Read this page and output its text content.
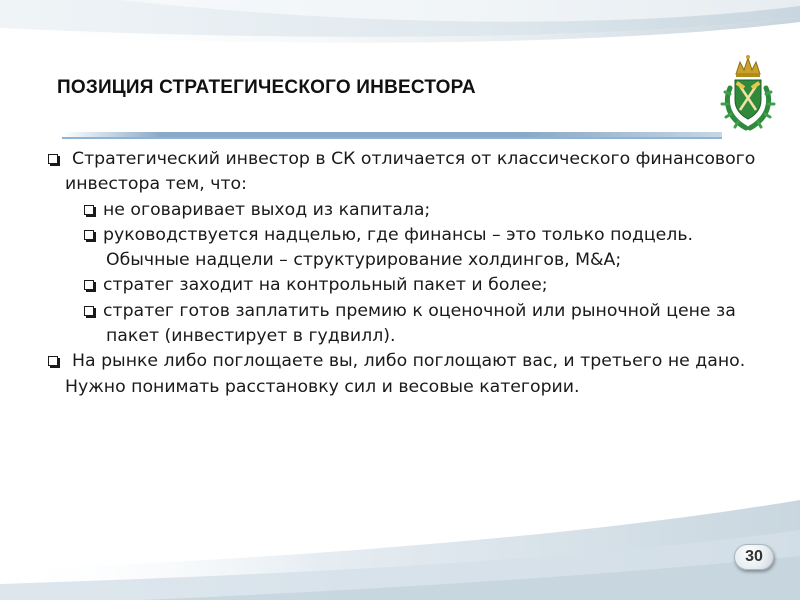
ПОЗИЦИЯ СТРАТЕГИЧЕСКОГО ИНВЕСТОРА
Стратегический инвестор в СК отличается от классического финансового инвестора тем, что:
не оговаривает выход из капитала;
руководствуется надцелью, где финансы – это только подцель. Обычные надцели – структурирование холдингов, M&A;
стратег заходит на контрольный пакет и более;
стратег готов заплатить премию к оценочной или рыночной цене за пакет (инвестирует в гудвилл).
На рынке либо поглощаете вы, либо поглощают вас, и третьего не дано. Нужно понимать расстановку сил и весовые категории.
30
